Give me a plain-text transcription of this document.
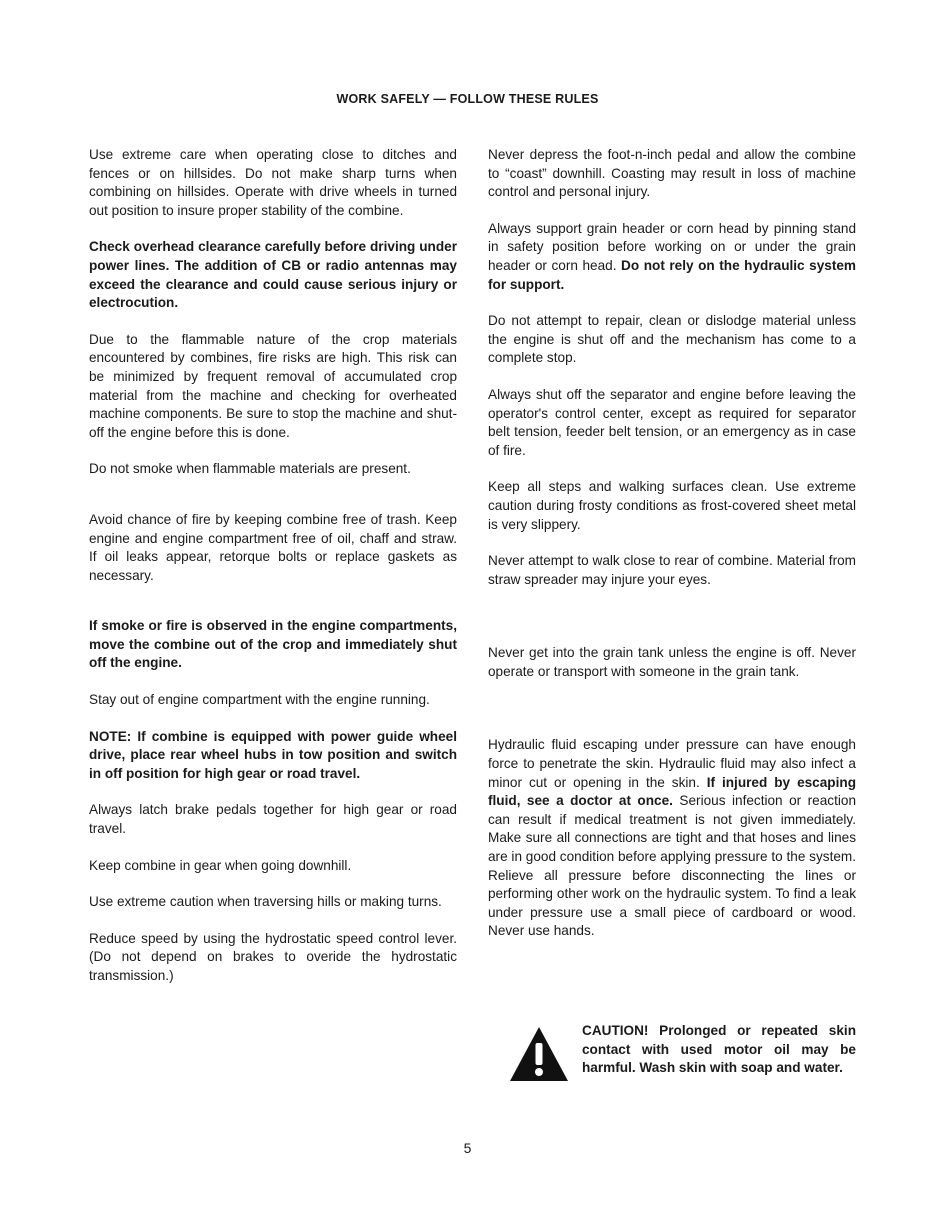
WORK SAFELY — FOLLOW THESE RULES

Use extreme care when operating close to ditches and fences or on hillsides. Do not make sharp turns when combining on hillsides. Operate with drive wheels in turned out position to insure proper stability of the combine.

Check overhead clearance carefully before driving under power lines. The addition of CB or radio antennas may exceed the clearance and could cause serious injury or electrocution.

Due to the flammable nature of the crop materials encountered by combines, fire risks are high. This risk can be minimized by frequent removal of accumulated crop material from the machine and checking for overheated machine components. Be sure to stop the machine and shut-off the engine before this is done.

Do not smoke when flammable materials are present.

Avoid chance of fire by keeping combine free of trash. Keep engine and engine compartment free of oil, chaff and straw. If oil leaks appear, retorque bolts or replace gaskets as necessary.

If smoke or fire is observed in the engine compartments, move the combine out of the crop and immediately shut off the engine.

Stay out of engine compartment with the engine running.

NOTE: If combine is equipped with power guide wheel drive, place rear wheel hubs in tow position and switch in off position for high gear or road travel.

Always latch brake pedals together for high gear or road travel.

Keep combine in gear when going downhill.

Use extreme caution when traversing hills or making turns.

Reduce speed by using the hydrostatic speed control lever. (Do not depend on brakes to overide the hydrostatic transmission.)

Never depress the foot-n-inch pedal and allow the combine to “coast” downhill. Coasting may result in loss of machine control and personal injury.

Always support grain header or corn head by pinning stand in safety position before working on or under the grain header or corn head. Do not rely on the hydraulic system for support.

Do not attempt to repair, clean or dislodge material unless the engine is shut off and the mechanism has come to a complete stop.

Always shut off the separator and engine before leaving the operator's control center, except as required for separator belt tension, feeder belt tension, or an emergency as in case of fire.

Keep all steps and walking surfaces clean. Use extreme caution during frosty conditions as frost-covered sheet metal is very slippery.

Never attempt to walk close to rear of combine. Material from straw spreader may injure your eyes.

Never get into the grain tank unless the engine is off. Never operate or transport with someone in the grain tank.

Hydraulic fluid escaping under pressure can have enough force to penetrate the skin. Hydraulic fluid may also infect a minor cut or opening in the skin. If injured by escaping fluid, see a doctor at once. Serious infection or reaction can result if medical treatment is not given immediately. Make sure all connections are tight and that hoses and lines are in good condition before applying pressure to the system. Relieve all pressure before disconnecting the lines or performing other work on the hydraulic system. To find a leak under pressure use a small piece of cardboard or wood. Never use hands.

CAUTION! Prolonged or repeated skin contact with used motor oil may be harmful. Wash skin with soap and water.

5
